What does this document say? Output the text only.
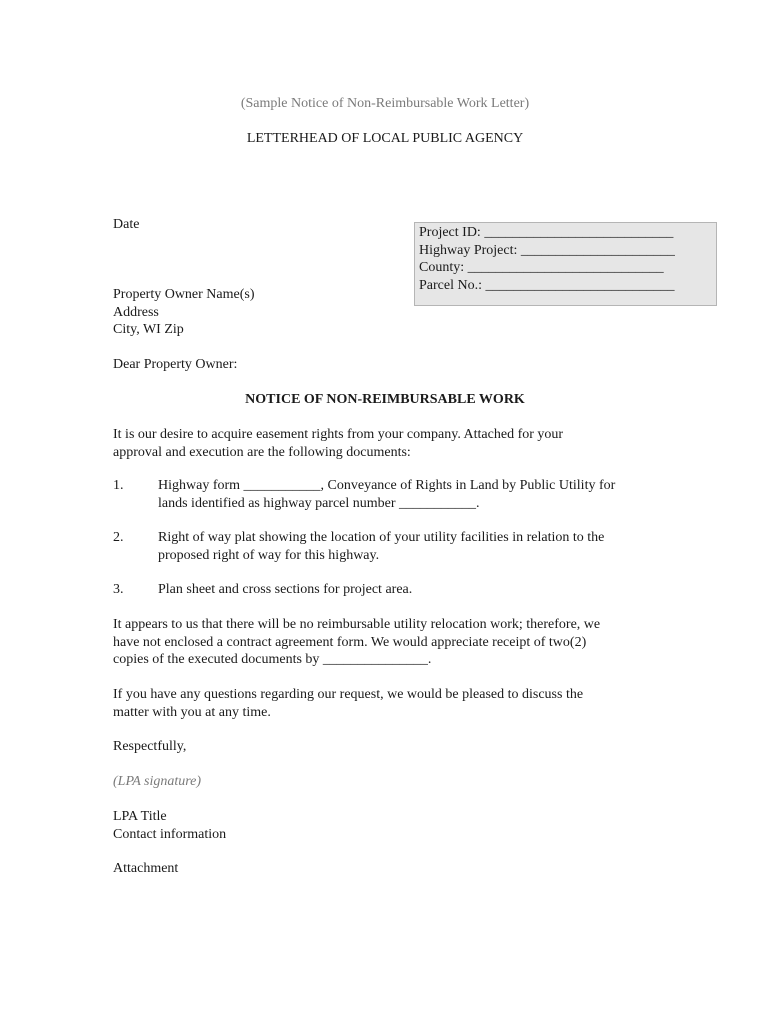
(Sample Notice of Non-Reimbursable Work Letter)
LETTERHEAD OF LOCAL PUBLIC AGENCY
Date
Project ID: ___________________________
Highway Project: ______________________
County: ____________________________
Parcel No.: ___________________________
Property Owner Name(s)
Address
City, WI Zip
Dear Property Owner:
NOTICE OF NON-REIMBURSABLE WORK
It is our desire to acquire easement rights from your company. Attached for your
approval and execution are the following documents:
1. Highway form ___________, Conveyance of Rights in Land by Public Utility for
lands identified as highway parcel number ___________.
2. Right of way plat showing the location of your utility facilities in relation to the
proposed right of way for this highway.
3. Plan sheet and cross sections for project area.
It appears to us that there will be no reimbursable utility relocation work; therefore, we
have not enclosed a contract agreement form. We would appreciate receipt of two(2)
copies of the executed documents by _______________.
If you have any questions regarding our request, we would be pleased to discuss the
matter with you at any time.
Respectfully,
(LPA signature)
LPA Title
Contact information
Attachment
